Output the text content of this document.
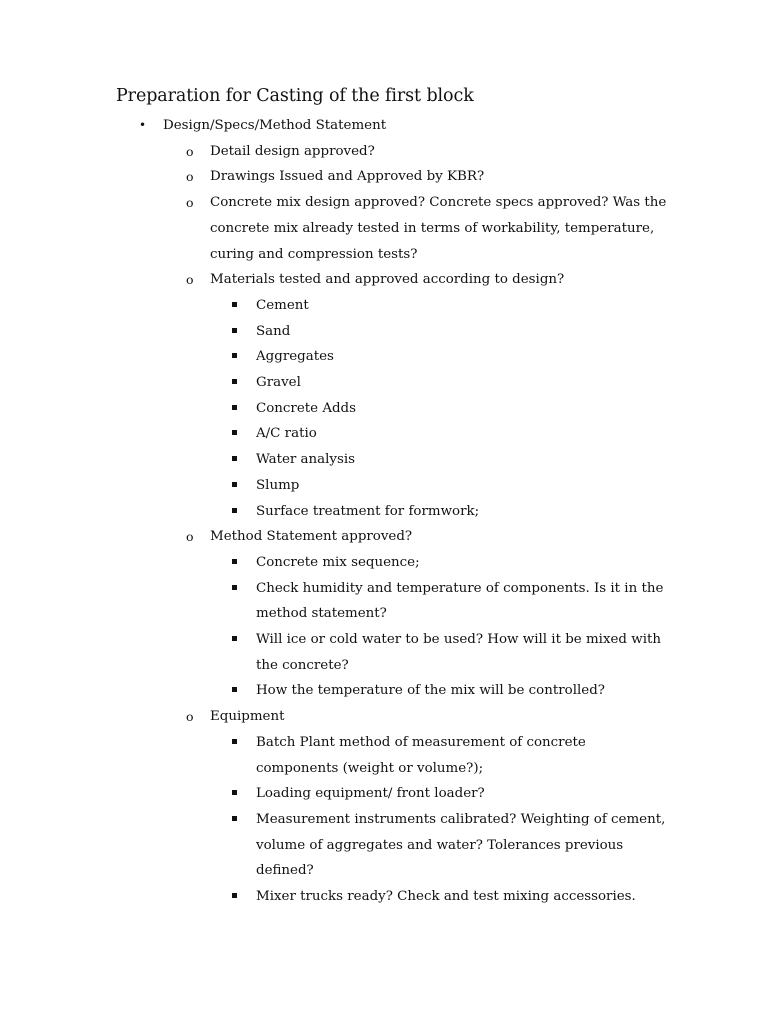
Preparation for Casting of the first block
• Design/Specs/Method Statement
o Detail design approved?
o Drawings Issued and Approved by KBR?
o Concrete mix design approved? Concrete specs approved? Was the
concrete mix already tested in terms of workability, temperature,
curing and compression tests?
o Materials tested and approved according to design?
Cement
Sand
Aggregates
Gravel
Concrete Adds
A/C ratio
Water analysis
Slump
Surface treatment for formwork;
o Method Statement approved?
Concrete mix sequence;
Check humidity and temperature of components. Is it in the
method statement?
Will ice or cold water to be used? How will it be mixed with
the concrete?
How the temperature of the mix will be controlled?
o Equipment
Batch Plant method of measurement of concrete
components (weight or volume?);
Loading equipment/ front loader?
Measurement instruments calibrated? Weighting of cement,
volume of aggregates and water? Tolerances previous
defined?
Mixer trucks ready? Check and test mixing accessories.
